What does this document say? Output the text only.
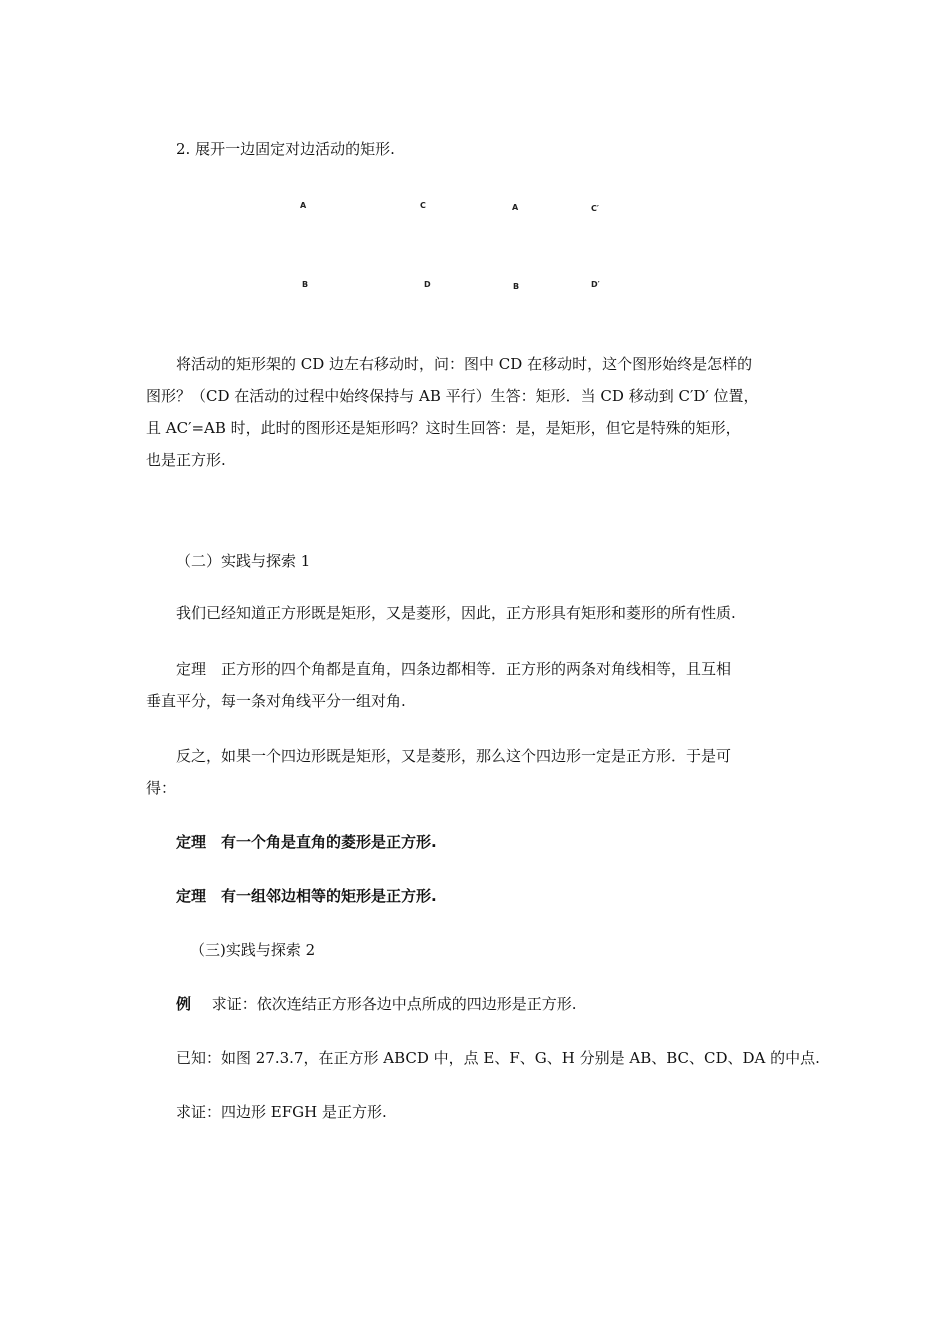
2. 展开一边固定对边活动的矩形.
A	C	A	C′
B	D	B	D′
将活动的矩形架的 CD 边左右移动时，问：图中 CD 在移动时，这个图形始终是怎样的
图形？（CD 在活动的过程中始终保持与 AB 平行）生答：矩形．当 CD 移动到 C′D′ 位置，
且 AC′=AB 时，此时的图形还是矩形吗？这时生回答：是，是矩形，但它是特殊的矩形，
也是正方形.
（二）实践与探索 1
我们已经知道正方形既是矩形，又是菱形，因此，正方形具有矩形和菱形的所有性质.
定理　正方形的四个角都是直角，四条边都相等．正方形的两条对角线相等，且互相
垂直平分，每一条对角线平分一组对角.
反之，如果一个四边形既是矩形，又是菱形，那么这个四边形一定是正方形．于是可
得：
定理　有一个角是直角的菱形是正方形.
定理　有一组邻边相等的矩形是正方形.
（三)实践与探索 2
例 求证：依次连结正方形各边中点所成的四边形是正方形.
已知：如图 27.3.7，在正方形 ABCD 中，点 E、F、G、H 分别是 AB、BC、CD、DA 的中点.
求证：四边形 EFGH 是正方形.
